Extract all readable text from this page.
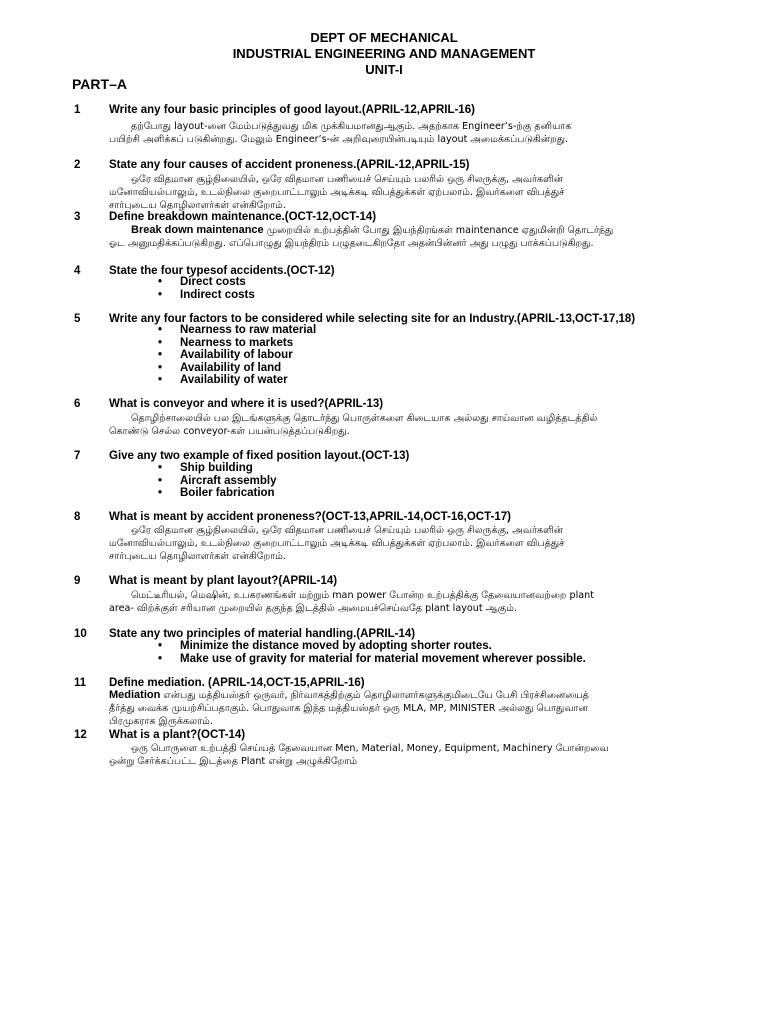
DEPT OF MECHANICAL
INDUSTRIAL ENGINEERING AND MANAGEMENT
UNIT-I
PART–A
1 Write any four basic principles of good layout.(APRIL-12,APRIL-16)
தற்போது layout-னை மேம்படுத்துவது மிக முக்கியமானதுஆகும். அதற்காக Engineer’s-ற்கு தனியாக
பயிற்சி அளிக்கப் படுகின்றது. மேலும் Engineer’s-ன் அறிவுரையின்படியும் layout அமைக்கப்படுகின்றது.
2 State any four causes of accident proneness.(APRIL-12,APRIL-15)
ஒரே விதமான சூழ்நிலையில், ஒரே விதமான பணியைச் செய்யும் பலரில் ஒரு சிலருக்கு, அவர்களின்
மனோவியல்பாலும், உடல்நிலை குறைபாட்டாலும் அடிக்கடி விபத்துக்கள் ஏற்பலாம். இவர்களை விபத்துச்
சார்புடைய தொழிலாளர்கள் என்கிறோம்.
3 Define breakdown maintenance.(OCT-12,OCT-14)
Break down maintenance முறையில் உற்பத்தின் போது இயந்திரங்கள் maintenance ஏதுமின்றி தொடர்ந்து
ஓட அனுமதிக்கப்படுகிறது. எப்பொழுது இயந்திரம் பழுதடைகிறதோ அதன்பின்னர் அது பழுது பாக்கப்படுகிறது.
4 State the four typesof accidents.(OCT-12)
• Direct costs
• Indirect costs
5 Write any four factors to be considered while selecting site for an Industry.(APRIL-13,OCT-17,18)
• Nearness to raw material
• Nearness to markets
• Availability of labour
• Availability of land
• Availability of water
6 What is conveyor and where it is used?(APRIL-13)
தொழிற்சாலையில் பல இடங்களுக்கு தொடர்ந்து பொருள்களை கிடையாக அல்லது சாய்வான வழித்தடத்தில்
கொண்டு செல்ல conveyor-கள் பயன்படுத்தப்படுகிறது.
7 Give any two example of fixed position layout.(OCT-13)
• Ship building
• Aircraft assembly
• Boiler fabrication
8 What is meant by accident proneness?(OCT-13,APRIL-14,OCT-16,OCT-17)
ஒரே விதமான சூழ்நிலையில், ஒரே விதமான பணியைச் செய்யும் பலரில் ஒரு சிலருக்கு, அவர்களின்
மனோவியல்பாலும், உடல்நிலை குறைபாட்டாலும் அடிக்கடி விபத்துக்கள் ஏற்பலாம். இவர்களை விபத்துச்
சார்புடைய தொழிலாளர்கள் என்கிறோம்.
9 What is meant by plant layout?(APRIL-14)
மெட்டீரியல், மெஷின், உபகரணங்கள் மற்றும் man power போன்ற உற்பத்திக்கு தேவையானவற்றை plant
area- விற்க்குள் சரியான முறையில் தகுந்த இடத்தில் அமையச்செய்வதே plant layout ஆகும்.
10 State any two principles of material handling.(APRIL-14)
• Minimize the distance moved by adopting shorter routes.
• Make use of gravity for material for material movement wherever possible.
11 Define mediation. (APRIL-14,OCT-15,APRIL-16)
Mediation என்பது மத்தியஸ்தர் ஒருவர், நிர்வாகத்திற்கும் தொழிலாளர்களுக்குமிடையே பேசி பிரச்சினையைத்
தீர்த்து வைக்க முயற்சிப்பதாகும். பொதுவாக இந்த மத்தியஸ்தர் ஒரு MLA, MP, MINISTER அல்லது பொதுவான
பிரமுகராக இருக்கலாம்.
12 What is a plant?(OCT-14)
ஒரு பொருளை உற்பத்தி செய்யத் தேவையான Men, Material, Money, Equipment, Machinery போன்றவை
ஒன்று சேர்க்கப்பட்ட இடத்தை Plant என்று அழுக்கிறோம்
